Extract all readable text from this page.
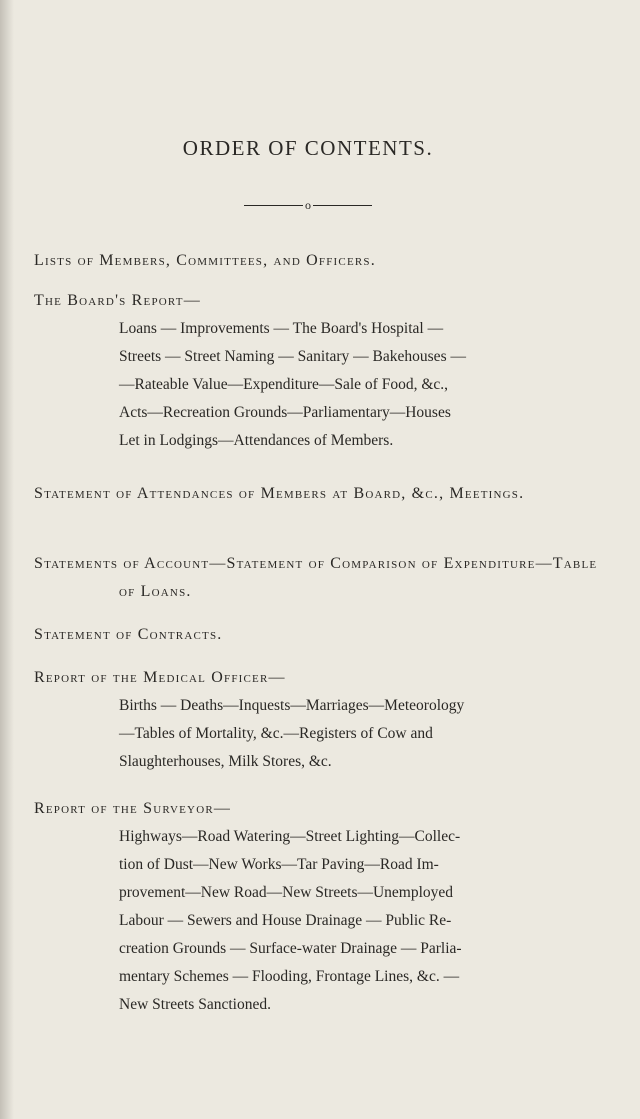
ORDER OF CONTENTS.
o
Lists of Members, Committees, and Officers.
The Board's Report—
Loans — Improvements — The Board's Hospital —
Streets — Street Naming — Sanitary — Bakehouses —
—Rateable Value—Expenditure—Sale of Food, &c.,
Acts—Recreation Grounds—Parliamentary—Houses
Let in Lodgings—Attendances of Members.
Statement of Attendances of Members at Board, &c., Meetings.
Statements of Account—Statement of Comparison of Expenditure—Table of Loans.
Statement of Contracts.
Report of the Medical Officer—
Births — Deaths—Inquests—Marriages—Meteorology
—Tables of Mortality, &c.—Registers of Cow and
Slaughterhouses, Milk Stores, &c.
Report of the Surveyor—
Highways—Road Watering—Street Lighting—Collec-
tion of Dust—New Works—Tar Paving—Road Im-
provement—New Road—New Streets—Unemployed
Labour — Sewers and House Drainage — Public Re-
creation Grounds — Surface-water Drainage — Parlia-
mentary Schemes — Flooding, Frontage Lines, &c. —
New Streets Sanctioned.
